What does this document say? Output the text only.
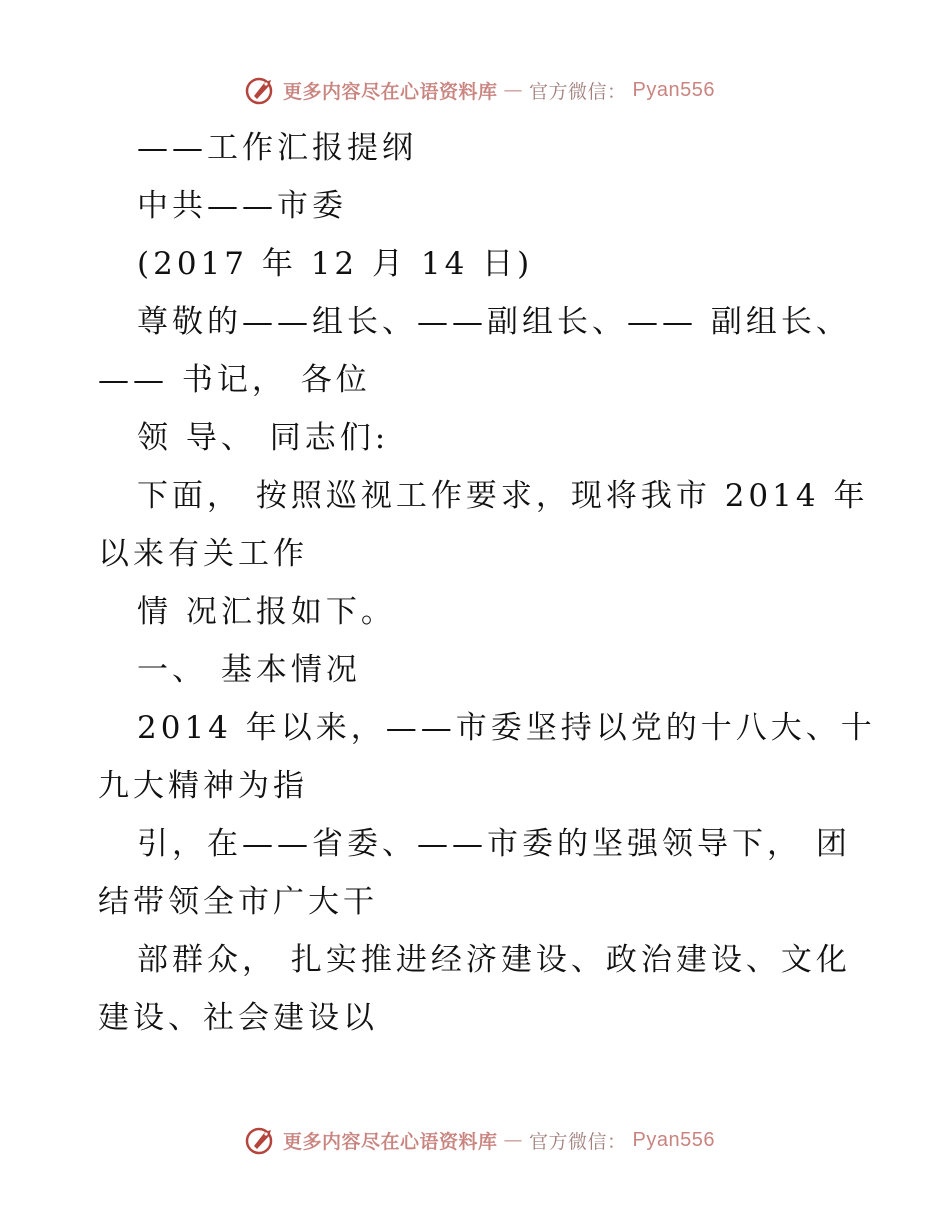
更多内容尽在心语资料库 — 官方微信： Pyan556
——工作汇报提纲
中共——市委
(2017 年 12 月 14 日)
尊敬的——组长、——副组长、—— 副组长、
—— 书记， 各位
领 导、 同志们:
下面， 按照巡视工作要求，现将我市 2014 年
以来有关工作
情 况汇报如下。
一、 基本情况
2014 年以来，——市委坚持以党的十八大、十
九大精神为指
引，在——省委、——市委的坚强领导下， 团
结带领全市广大干
部群众， 扎实推进经济建设、政治建设、文化
建设、社会建设以
更多内容尽在心语资料库 — 官方微信： Pyan556
